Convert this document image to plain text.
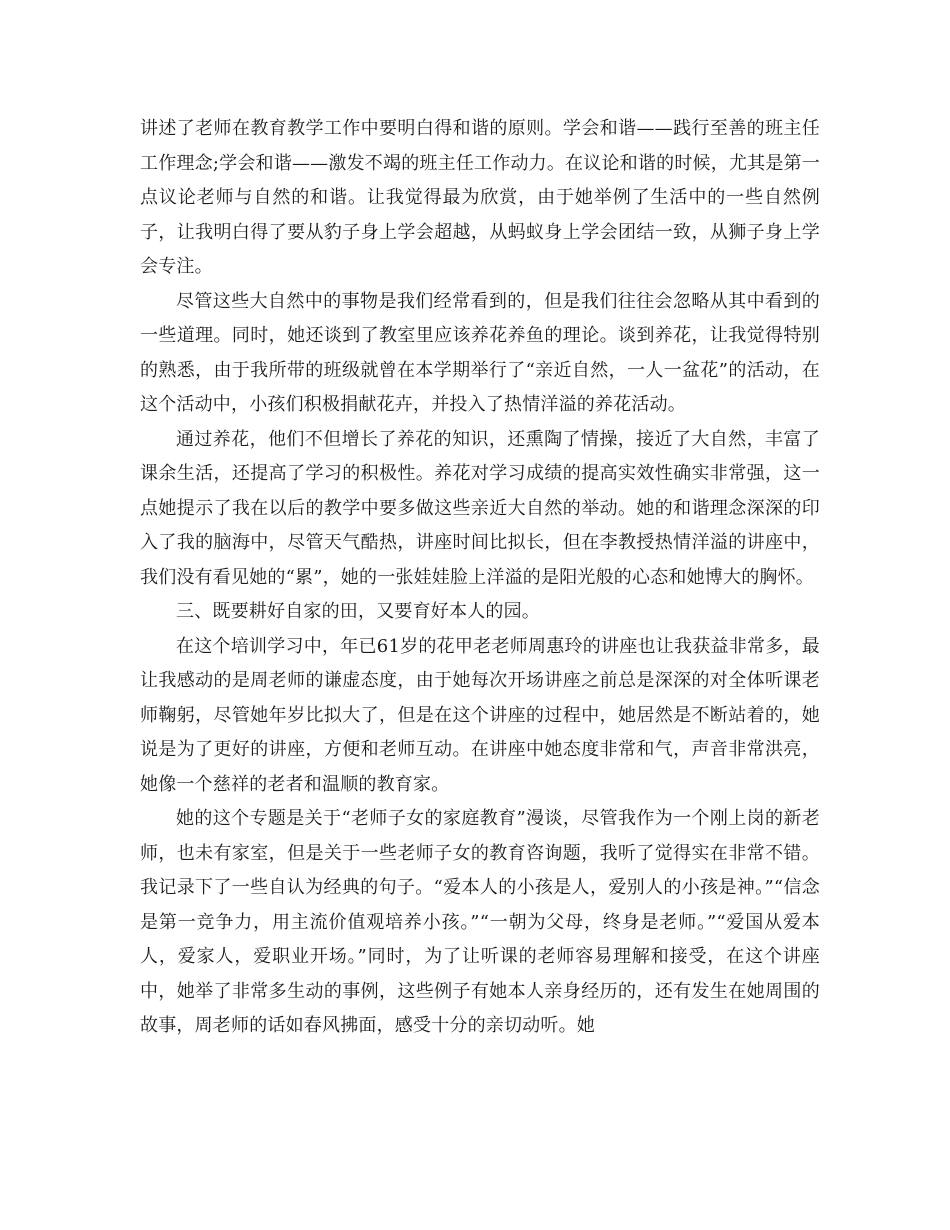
讲述了老师在教育教学工作中要明白得和谐的原则。学会和谐——践行至善的班主任工作理念;学会和谐——激发不竭的班主任工作动力。在议论和谐的时候，尤其是第一点议论老师与自然的和谐。让我觉得最为欣赏，由于她举例了生活中的一些自然例子，让我明白得了要从豹子身上学会超越，从蚂蚁身上学会团结一致，从狮子身上学会专注。

尽管这些大自然中的事物是我们经常看到的，但是我们往往会忽略从其中看到的一些道理。同时，她还谈到了教室里应该养花养鱼的理论。谈到养花，让我觉得特别的熟悉，由于我所带的班级就曾在本学期举行了“亲近自然，一人一盆花”的活动，在这个活动中，小孩们积极捐献花卉，并投入了热情洋溢的养花活动。

通过养花，他们不但增长了养花的知识，还熏陶了情操，接近了大自然，丰富了课余生活，还提高了学习的积极性。养花对学习成绩的提高实效性确实非常强，这一点她提示了我在以后的教学中要多做这些亲近大自然的举动。她的和谐理念深深的印入了我的脑海中，尽管天气酷热，讲座时间比拟长，但在李教授热情洋溢的讲座中，我们没有看见她的“累”，她的一张娃娃脸上洋溢的是阳光般的心态和她博大的胸怀。

三、既要耕好自家的田，又要育好本人的园。

在这个培训学习中，年已61岁的花甲老老师周惠玲的讲座也让我获益非常多，最让我感动的是周老师的谦虚态度，由于她每次开场讲座之前总是深深的对全体听课老师鞠躬，尽管她年岁比拟大了，但是在这个讲座的过程中，她居然是不断站着的，她说是为了更好的讲座，方便和老师互动。在讲座中她态度非常和气，声音非常洪亮，她像一个慈祥的老者和温顺的教育家。

她的这个专题是关于“老师子女的家庭教育”漫谈，尽管我作为一个刚上岗的新老师，也未有家室，但是关于一些老师子女的教育咨询题，我听了觉得实在非常不错。我记录下了一些自认为经典的句子。“爱本人的小孩是人，爱别人的小孩是神。”“信念是第一竞争力，用主流价值观培养小孩。”“一朝为父母，终身是老师。”“爱国从爱本人，爱家人，爱职业开场。”同时，为了让听课的老师容易理解和接受，在这个讲座中，她举了非常多生动的事例，这些例子有她本人亲身经历的，还有发生在她周围的故事，周老师的话如春风拂面，感受十分的亲切动听。她
